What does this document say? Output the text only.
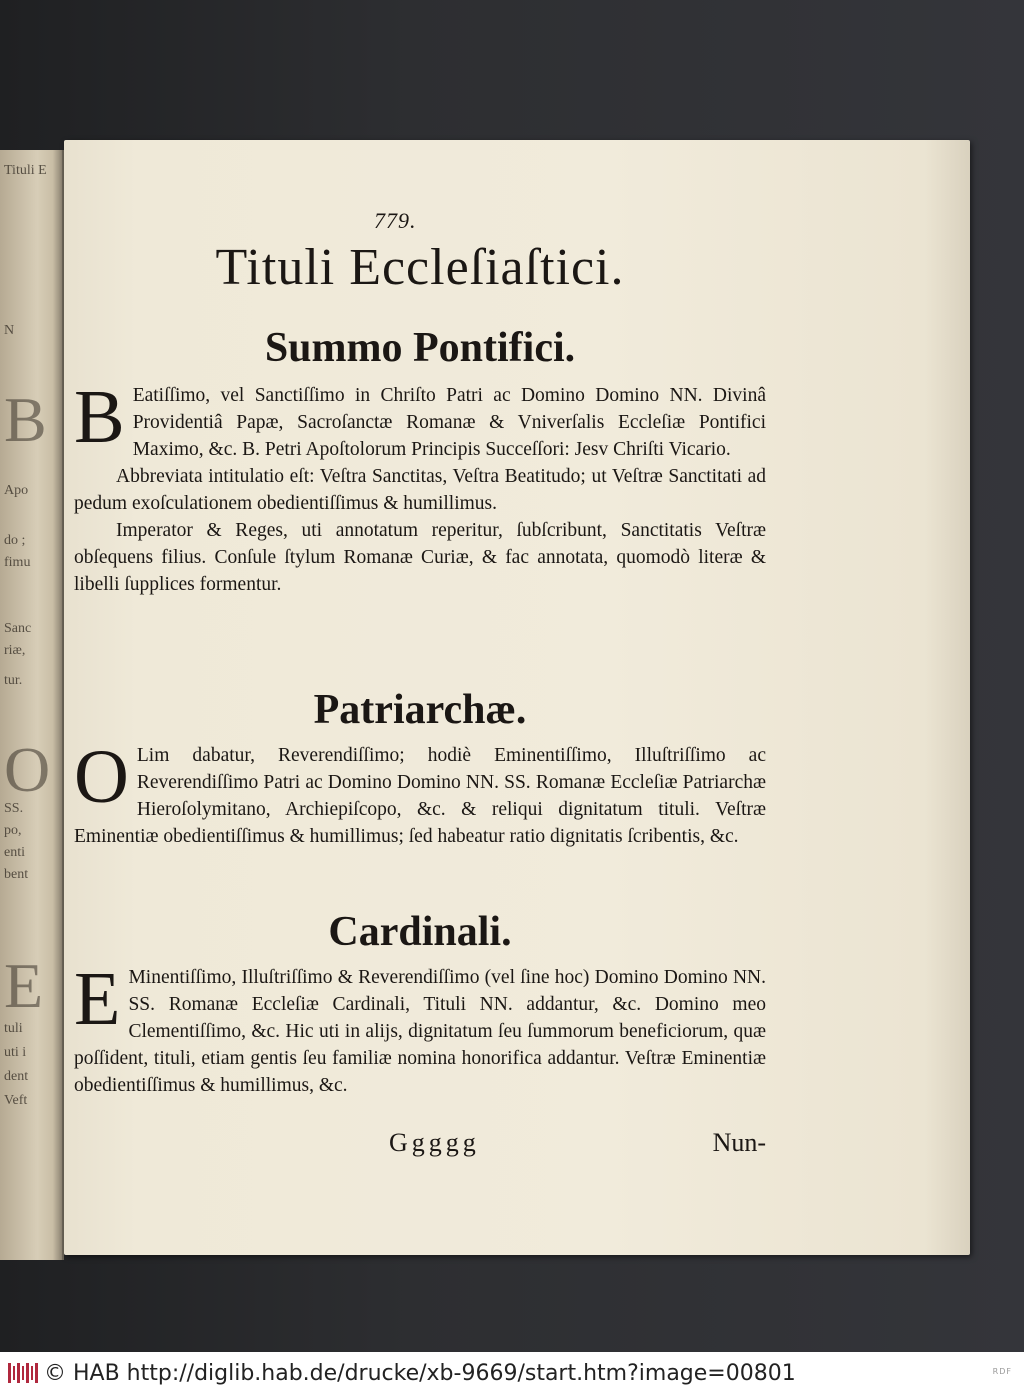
Tituli E
N
B
Apo
do ;
fimu
Sanc
riæ,
tur.
O
SS.
po,
enti
bent
E
tuli
uti i
dent
Veft
779.
Tituli Eccleſiaſtici.
Summo Pontifici.

B Eatiſſimo, vel Sanctiſſimo in Chriſto Patri ac Domino Domino NN. Divinâ Providentiâ Papæ, Sacroſanctæ Romanæ & Vniverſalis Eccleſiæ Pontifici Maximo, &c. B. Petri Apoſtolorum Principis Succeſſori: Jesv Chriſti Vicario.

Abbreviata intitulatio eſt: Veſtra Sanctitas, Veſtra Beatitudo; ut Veſtræ Sanctitati ad pedum exoſculationem obedientiſſimus & humillimus.

Imperator & Reges, uti annotatum reperitur, ſubſcribunt, Sanctitatis Veſtræ obſequens filius. Conſule ſtylum Romanæ Curiæ, & fac annotata, quomodò literæ & libelli ſupplices formentur.

Patriarchæ.

O Lim dabatur, Reverendiſſimo; hodiè Eminentiſſimo, Illuſtriſſimo ac Reverendiſſimo Patri ac Domino Domino NN. SS. Romanæ Eccleſiæ Patriarchæ Hieroſolymitano, Archiepiſcopo, &c. & reliqui dignitatum tituli. Veſtræ Eminentiæ obedientiſſimus & humillimus; ſed habeatur ratio dignitatis ſcribentis, &c.

Cardinali.

E Minentiſſimo, Illuſtriſſimo & Reverendiſſimo (vel ſine hoc) Domino Domino NN. SS. Romanæ Eccleſiæ Cardinali, Tituli NN. addantur, &c. Domino meo Clementiſſimo, &c. Hic uti in alijs, dignitatum ſeu ſummorum beneficiorum, quæ poſſident, tituli, etiam gentis ſeu familiæ nomina honorifica addantur. Veſtræ Eminentiæ obedientiſſimus & humillimus, &c.

Ggggg	Nun-
© HAB http://diglib.hab.de/drucke/xb-9669/start.htm?image=00801	RDF
